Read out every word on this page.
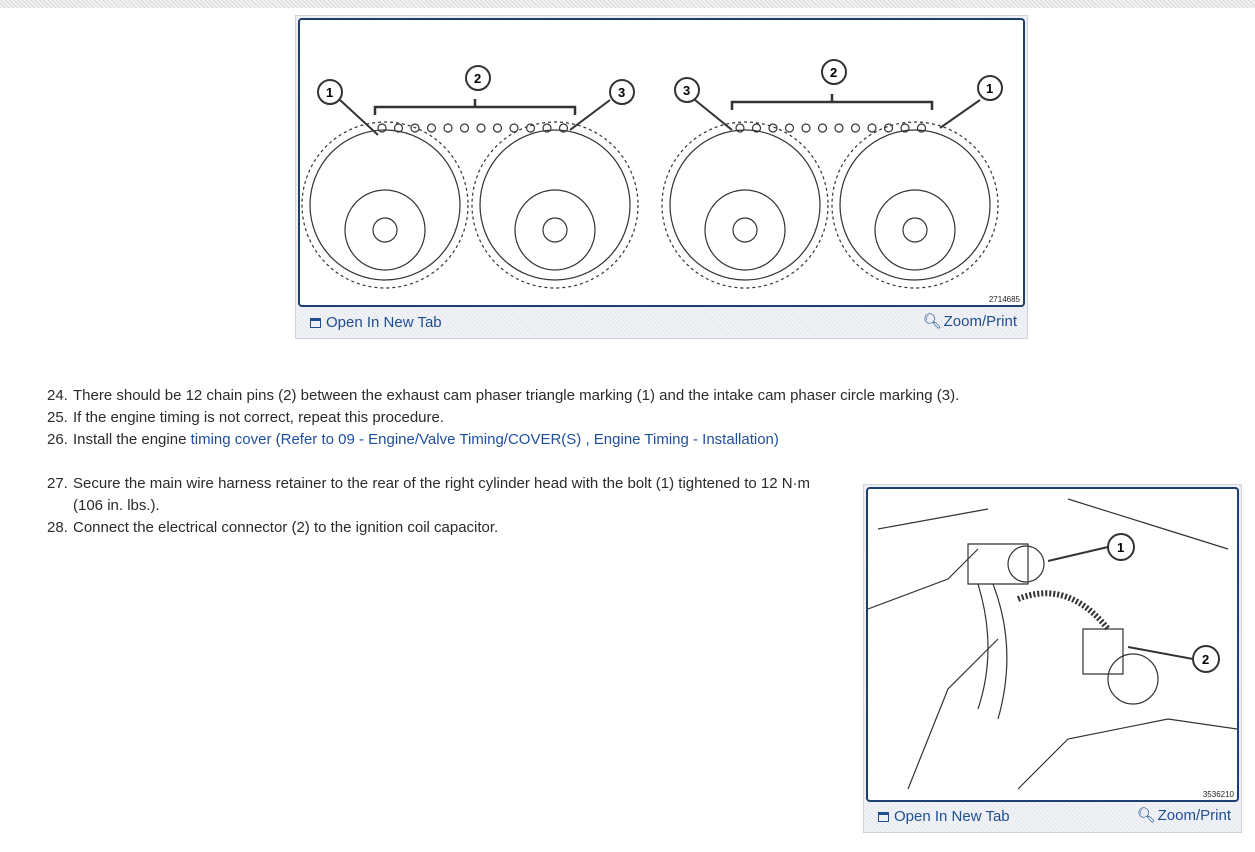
1
2
3	3
2
1
2714685
Open In New Tab	🔍︎ Zoom/Print
24. There should be 12 chain pins (2) between the exhaust cam phaser triangle marking (1) and the intake cam phaser circle marking (3).
25. If the engine timing is not correct, repeat this procedure.
26. Install the engine timing cover (Refer to 09 - Engine/Valve Timing/COVER(S) , Engine Timing - Installation)
27. Secure the main wire harness retainer to the rear of the right cylinder head with the bolt (1) tightened to 12 N·m (106 in. lbs.).
28. Connect the electrical connector (2) to the ignition coil capacitor.
1
2
3536210
Open In New Tab	🔍︎ Zoom/Print
